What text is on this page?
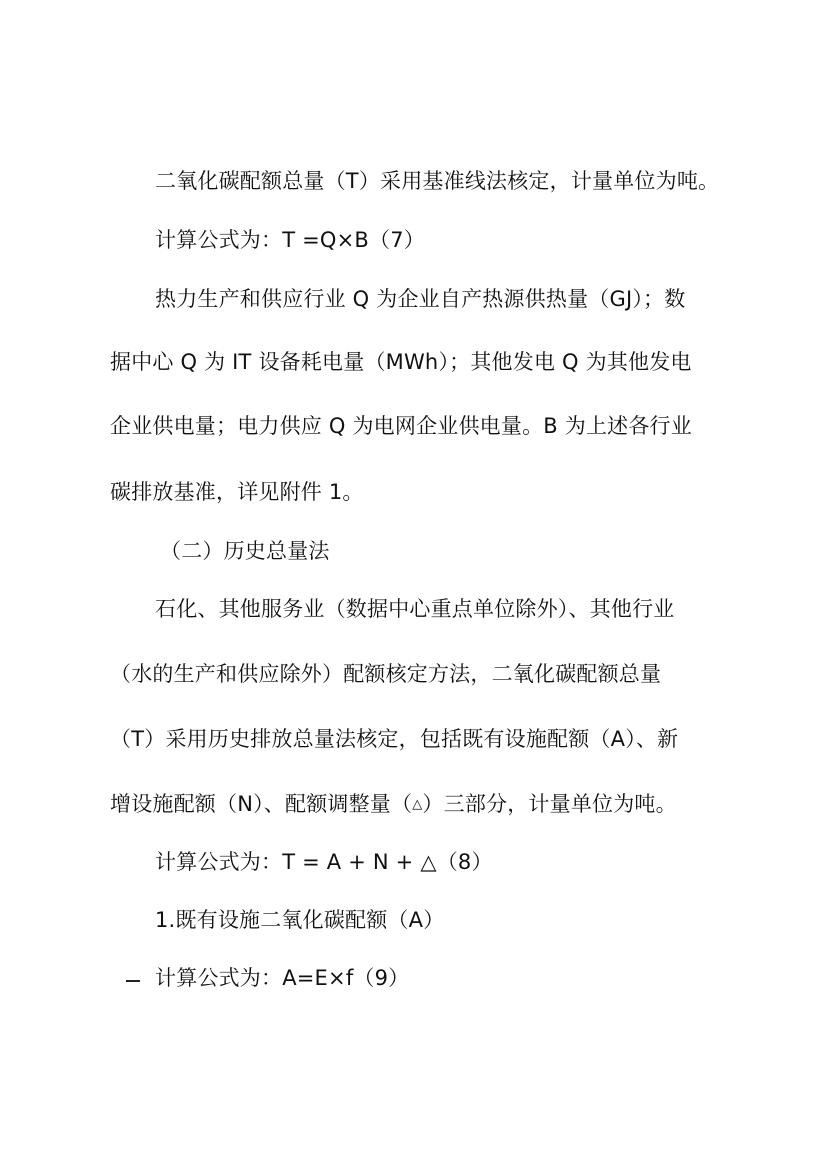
二氧化碳配额总量（T）采用基准线法核定，计量单位为吨。
计算公式为：T =Q×B（7）
热力生产和供应行业 Q 为企业自产热源供热量（GJ）；数
据中心 Q 为 IT 设备耗电量（MWh）；其他发电 Q 为其他发电
企业供电量；电力供应 Q 为电网企业供电量。B 为上述各行业
碳排放基准，详见附件 1。
（二）历史总量法
石化、其他服务业（数据中心重点单位除外）、其他行业
（水的生产和供应除外）配额核定方法，二氧化碳配额总量
（T）采用历史排放总量法核定，包括既有设施配额（A）、新
增设施配额（N）、配额调整量（△）三部分，计量单位为吨。
计算公式为：T = A + N + △（8）
1.既有设施二氧化碳配额（A）
计算公式为：A=E×f（9）
